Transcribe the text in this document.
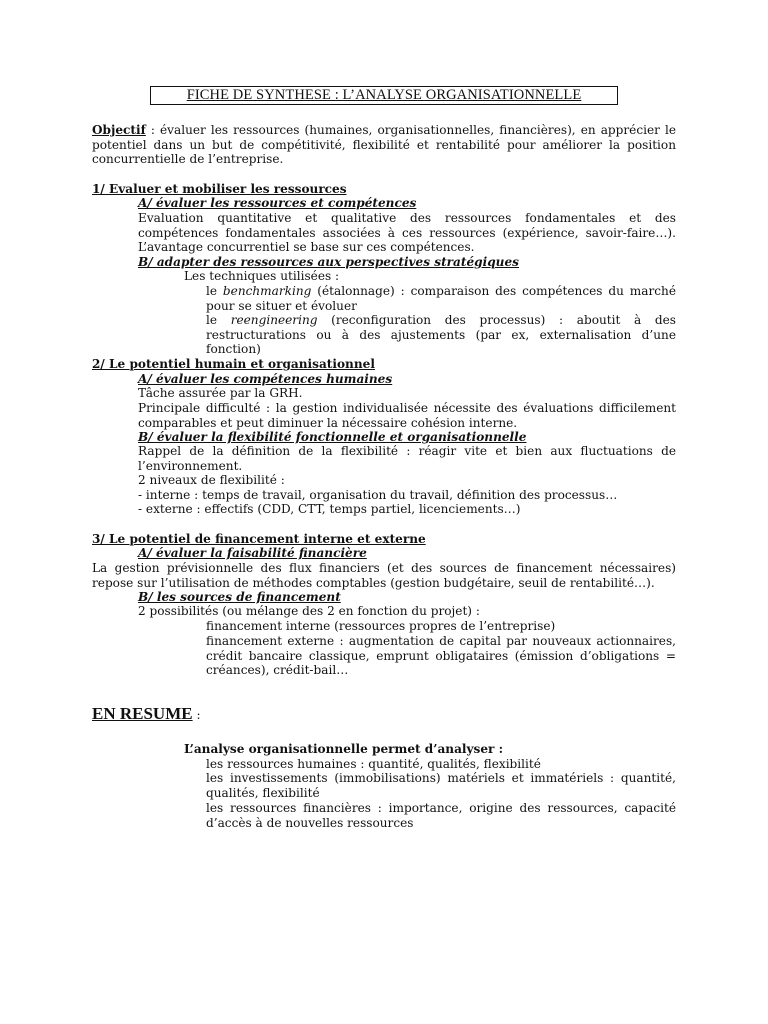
FICHE DE SYNTHESE : L’ANALYSE ORGANISATIONNELLE
Objectif : évaluer les ressources (humaines, organisationnelles, financières), en apprécier le potentiel dans un but de compétitivité, flexibilité et rentabilité pour améliorer la position concurrentielle de l’entreprise.
1/ Evaluer et mobiliser les ressources
A/ évaluer les ressources et compétences
Evaluation quantitative et qualitative des ressources fondamentales et des compétences fondamentales associées à ces ressources (expérience, savoir-faire…). L’avantage concurrentiel se base sur ces compétences.
B/ adapter des ressources aux perspectives stratégiques
Les techniques utilisées :
le benchmarking (étalonnage) : comparaison des compétences du marché pour se situer et évoluer
le reengineering (reconfiguration des processus) : aboutit à des restructurations ou à des ajustements (par ex, externalisation d’une fonction)
2/ Le potentiel humain et organisationnel
A/ évaluer les compétences humaines
Tâche assurée par la GRH.
Principale difficulté : la gestion individualisée nécessite des évaluations difficilement comparables et peut diminuer la nécessaire cohésion interne.
B/ évaluer la flexibilité fonctionnelle et organisationnelle
Rappel de la définition de la flexibilité : réagir vite et bien aux fluctuations de l’environnement.
2 niveaux de flexibilité :
- interne : temps de travail, organisation du travail, définition des processus…
- externe : effectifs (CDD, CTT, temps partiel, licenciements…)
3/ Le potentiel de financement interne et externe
A/ évaluer la faisabilité financière
La gestion prévisionnelle des flux financiers (et des sources de financement nécessaires) repose sur l’utilisation de méthodes comptables (gestion budgétaire, seuil de rentabilité…).
B/ les sources de financement
2 possibilités (ou mélange des 2 en fonction du projet) :
financement interne (ressources propres de l’entreprise)
financement externe : augmentation de capital par nouveaux actionnaires, crédit bancaire classique, emprunt obligataires (émission d’obligations = créances), crédit-bail…
EN RESUME :
L’analyse organisationnelle permet d’analyser :
les ressources humaines : quantité, qualités, flexibilité
les investissements (immobilisations) matériels et immatériels : quantité, qualités, flexibilité
les ressources financières : importance, origine des ressources, capacité d’accès à de nouvelles ressources
